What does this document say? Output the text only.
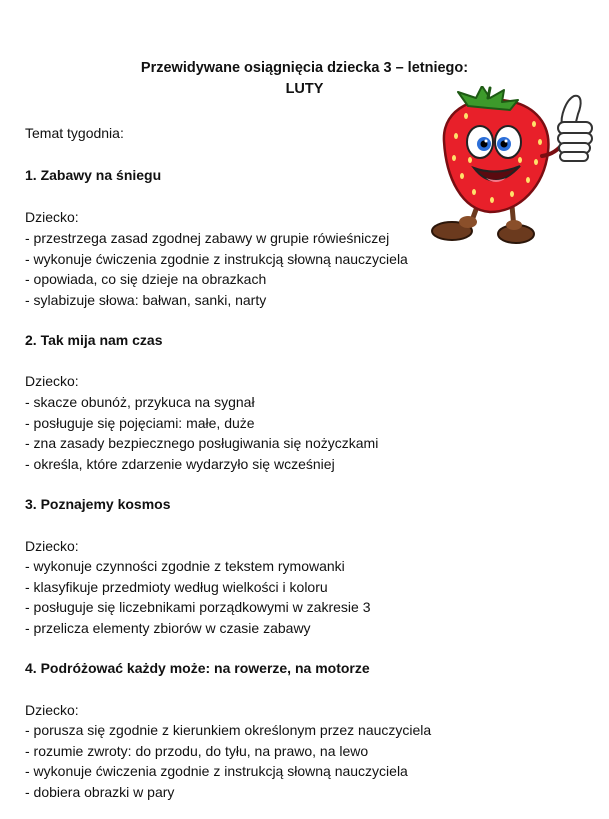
Przewidywane osiągnięcia dziecka 3 – letniego:
LUTY
Temat tygodnia:
1. Zabawy na śniegu
Dziecko:
- przestrzega zasad zgodnej zabawy w grupie rówieśniczej
- wykonuje ćwiczenia zgodnie z instrukcją słowną nauczyciela
- opowiada, co się dzieje na obrazkach
- sylabizuje słowa: bałwan, sanki, narty
2. Tak mija nam czas
Dziecko:
- skacze obunóż, przykuca na sygnał
- posługuje się pojęciami: małe, duże
- zna zasady bezpiecznego posługiwania się nożyczkami
- określa, które zdarzenie wydarzyło się wcześniej
3. Poznajemy kosmos
Dziecko:
- wykonuje czynności zgodnie z tekstem rymowanki
- klasyfikuje przedmioty według wielkości i koloru
- posługuje się liczebnikami porządkowymi w zakresie 3
- przelicza elementy zbiorów w czasie zabawy
4. Podróżować każdy może: na rowerze, na motorze
Dziecko:
- porusza się zgodnie z kierunkiem określonym przez nauczyciela
- rozumie zwroty: do przodu, do tyłu, na prawo, na lewo
- wykonuje ćwiczenia zgodnie z instrukcją słowną nauczyciela
- dobiera obrazki w pary
